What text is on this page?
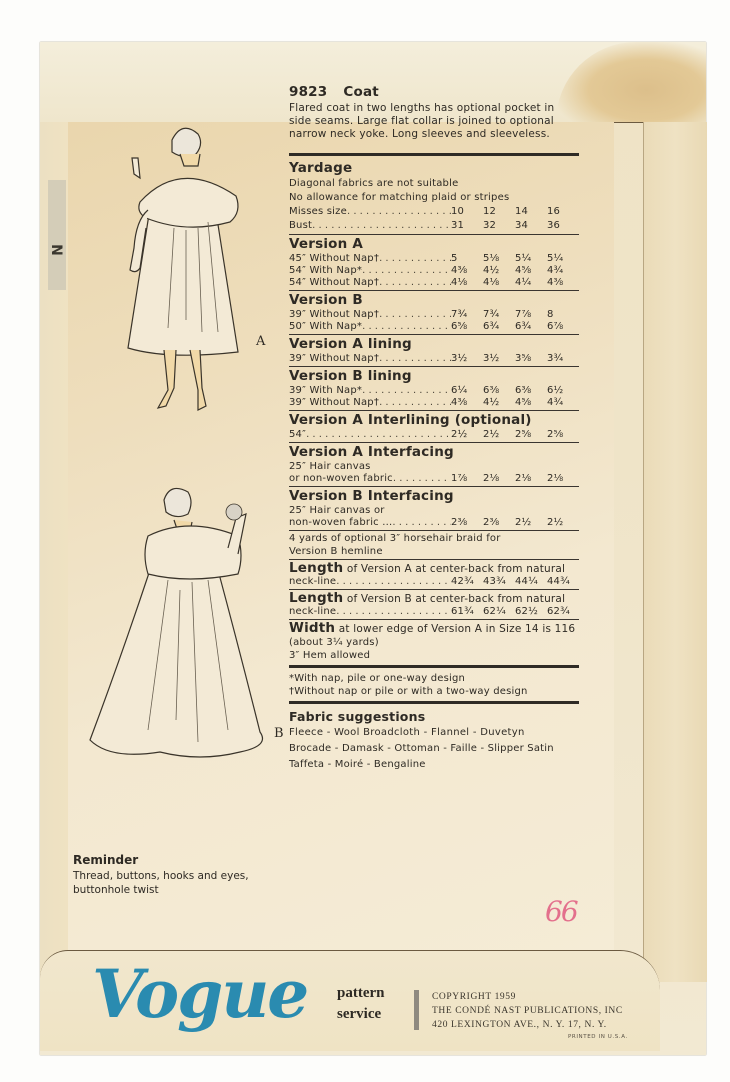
N
A
B
9823 Coat
Flared coat in two lengths has optional pocket in
side seams. Large flat collar is joined to optional
narrow neck yoke. Long sleeves and sleeveless.
Yardage
Diagonal fabrics are not suitable
No allowance for matching plaid or stripes
Misses size . . .	10	12	14	16
Bust . . .	31	32	34	36
Version A
45″ Without Nap† . . .	5	5⅛	5¼	5¼
54″ With Nap* . . .	4⅜	4½	4⅝	4¾
54″ Without Nap† . . .	4⅛	4⅛	4¼	4⅜
Version B
39″ Without Nap† . . .	7¾	7¾	7⅞	8
50″ With Nap* . . .	6⅝	6¾	6¾	6⅞
Version A lining
39″ Without Nap† . . .	3½	3½	3⅝	3¾
Version B lining
39″ With Nap* . . .	6¼	6⅜	6⅜	6½
39″ Without Nap† . . .	4⅜	4½	4⅝	4¾
Version A Interlining (optional)
54″ . . .	2½	2½	2⅝	2⅝
Version A Interfacing
25″ Hair canvas
or non-woven fabric . . .	1⅞	2⅛	2⅛	2⅛
Version B Interfacing
25″ Hair canvas or
non-woven fabric ... . . .	2⅜	2⅜	2½	2½
4 yards of optional 3″ horsehair braid for
Version B hemline
Length of Version A at center-back from natural
neck-line . . .	42¾ 43¾ 44¼ 44¾
Length of Version B at center-back from natural
neck-line . . .	61¾ 62¼ 62½ 62¾
Width at lower edge of Version A in Size 14 is 116
(about 3¼ yards)
3″ Hem allowed
*With nap, pile or one-way design
†Without nap or pile or with a two-way design
Fabric suggestions
Fleece - Wool Broadcloth - Flannel - Duvetyn
Brocade - Damask - Ottoman - Faille - Slipper Satin
Taffeta - Moiré - Bengaline
Reminder
Thread, buttons, hooks and eyes,
buttonhole twist
66
Vogue pattern
service
COPYRIGHT 1959
THE CONDÉ NAST PUBLICATIONS, INC
420 LEXINGTON AVE., N. Y. 17, N. Y.
PRINTED IN U.S.A.
